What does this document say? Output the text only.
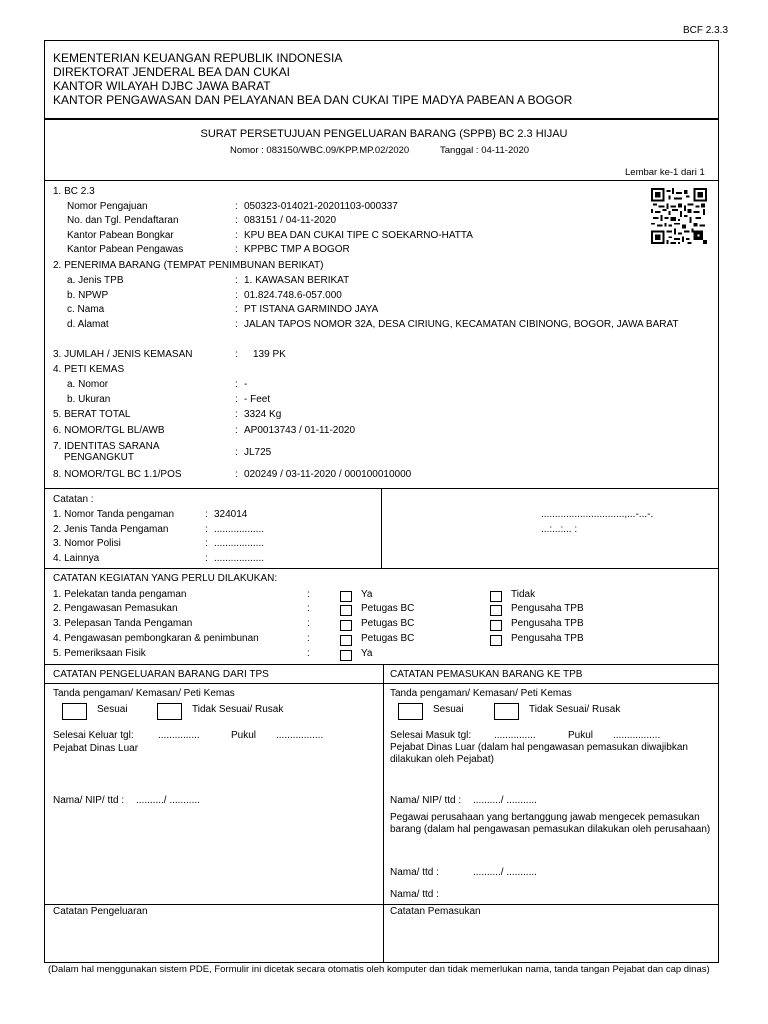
BCF 2.3.3
KEMENTERIAN KEUANGAN REPUBLIK INDONESIA
DIREKTORAT JENDERAL BEA DAN CUKAI
KANTOR WILAYAH DJBC JAWA BARAT
KANTOR PENGAWASAN DAN PELAYANAN BEA DAN CUKAI TIPE MADYA PABEAN A BOGOR
SURAT PERSETUJUAN PENGELUARAN BARANG (SPPB) BC 2.3 HIJAU
Nomor : 083150/WBC.09/KPP.MP.02/2020	Tanggal : 04-11-2020
Lembar ke-1 dari 1
1. BC 2.3
Nomor Pengajuan	: 050323-014021-20201103-000337
No. dan Tgl. Pendaftaran	: 083151 / 04-11-2020
Kantor Pabean Bongkar	: KPU BEA DAN CUKAI TIPE C SOEKARNO-HATTA
Kantor Pabean Pengawas	: KPPBC TMP A BOGOR
2. PENERIMA BARANG (TEMPAT PENIMBUNAN BERIKAT)
a. Jenis TPB	: 1. KAWASAN BERIKAT
b. NPWP	: 01.824.748.6-057.000
c. Nama	: PT ISTANA GARMINDO JAYA
d. Alamat	: JALAN TAPOS NOMOR 32A, DESA CIRIUNG, KECAMATAN CIBINONG, BOGOR, JAWA BARAT
3. JUMLAH / JENIS KEMASAN	: 139 PK
4. PETI KEMAS
a. Nomor	: -
b. Ukuran	: - Feet
5. BERAT TOTAL	: 3324 Kg
6. NOMOR/TGL BL/AWB	: AP0013743 / 01-11-2020
7. IDENTITAS SARANA
PENGANGKUT	: JL725
8. NOMOR/TGL BC 1.1/POS	: 020249 / 03-11-2020 / 000100010000
Catatan :
1. Nomor Tanda pengaman	: 324014
2. Jenis Tanda Pengaman	: ..................
3. Nomor Polisi	: ..................
4. Lainnya	: ..................
..............................,...-...-.
...:...:... :
CATATAN KEGIATAN YANG PERLU DILAKUKAN:
1. Pelekatan tanda pengaman	:	Ya	Tidak
2. Pengawasan Pemasukan	:	Petugas BC	Pengusaha TPB
3. Pelepasan Tanda Pengaman	:	Petugas BC	Pengusaha TPB
4. Pengawasan pembongkaran & penimbunan	:	Petugas BC	Pengusaha TPB
5. Pemeriksaan Fisik	:	Ya
CATATAN PENGELUARAN BARANG DARI TPS
Tanda pengaman/ Kemasan/ Peti Kemas
Sesuai	Tidak Sesuai/ Rusak
Selesai Keluar tgl: ...............	Pukul .................
Pejabat Dinas Luar
Nama/ NIP/ ttd : ........../ ...........
CATATAN PEMASUKAN BARANG KE TPB
Tanda pengaman/ Kemasan/ Peti Kemas
Sesuai	Tidak Sesuai/ Rusak
Selesai Masuk tgl: ...............	Pukul .................
Pejabat Dinas Luar (dalam hal pengawasan pemasukan diwajibkan dilakukan oleh Pejabat)
Nama/ NIP/ ttd : ........../ ...........
Pegawai perusahaan yang bertanggung jawab mengecek pemasukan barang (dalam hal pengawasan pemasukan dilakukan oleh perusahaan)
Nama/ ttd :	........../ ...........
Nama/ ttd :
Catatan Pengeluaran	Catatan Pemasukan
(Dalam hal menggunakan sistem PDE, Formulir ini dicetak secara otomatis oleh komputer dan tidak memerlukan nama, tanda tangan Pejabat dan cap dinas)
